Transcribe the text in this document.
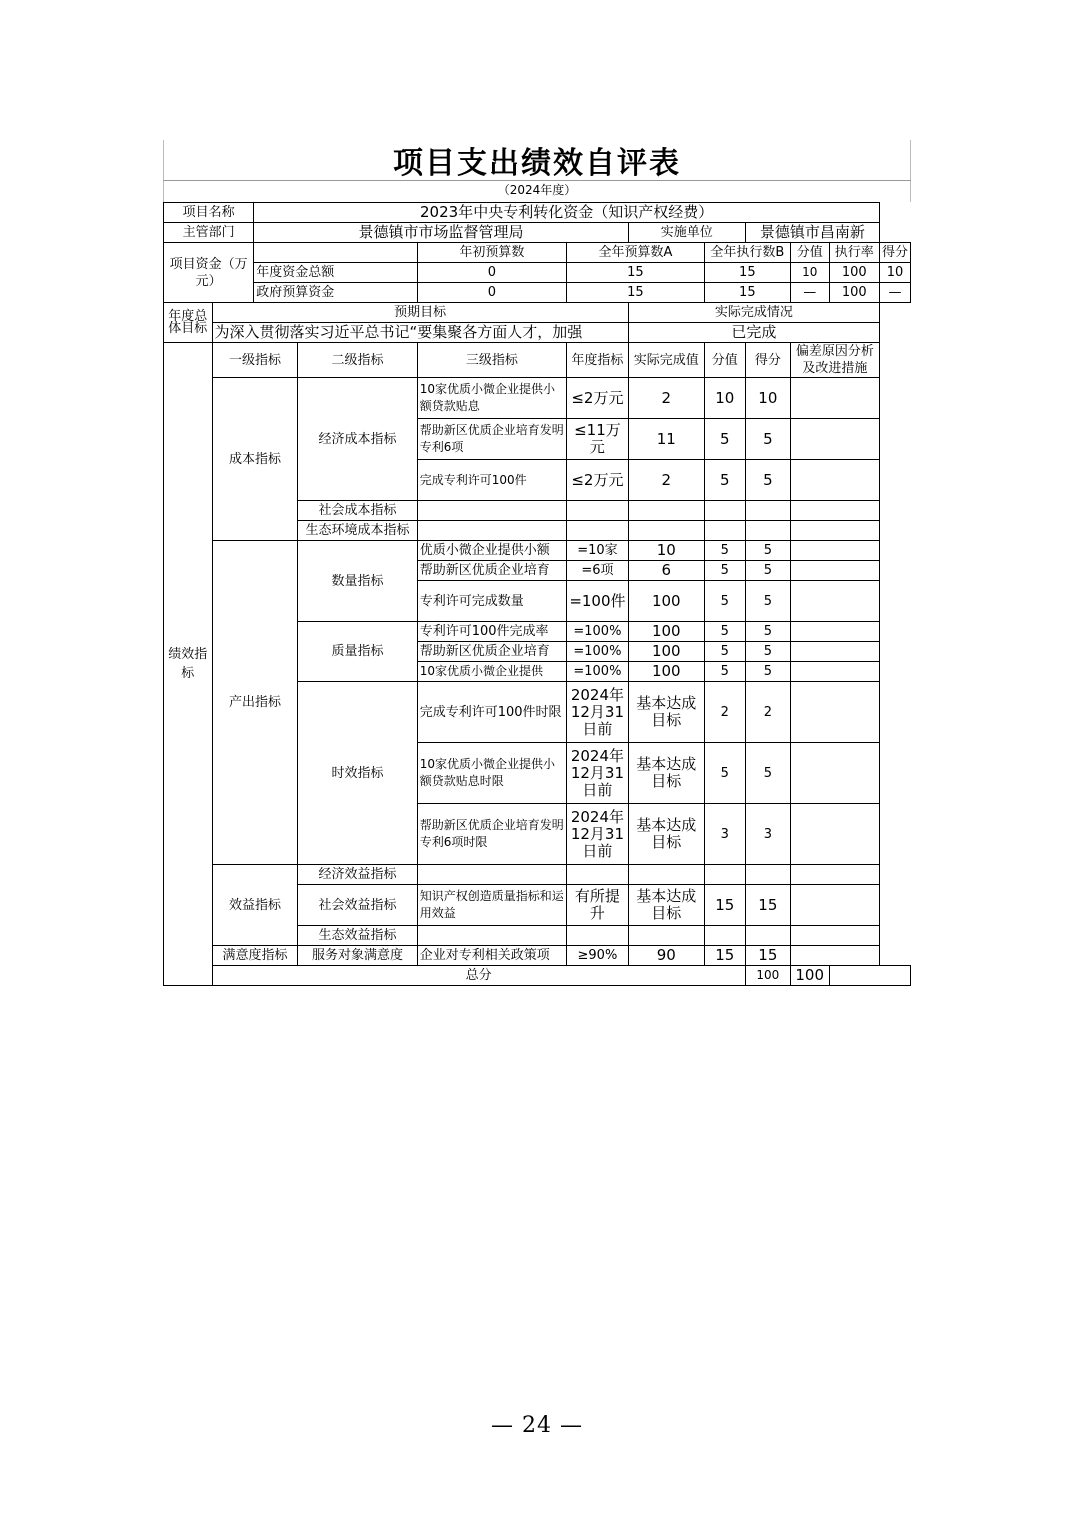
项目支出绩效自评表
（2024年度）
项目名称		2023年中央专利转化资金（知识产权经费）									
主管部门		景德镇市市场监督管理局				实施单位		景德镇市昌南新			
项目资金（万元）				年初预算数	全年预算数A		全年执行数B		分值	执行率	得分
		年度资金总额		0	15		15		10	100	10
		政府预算资金		0	15		15		—	100	—
年度总体目标	预期目标					实际完成情况					
	为深入贯彻落实习近平总书记“要集聚各方面人才，加强					已完成					
绩效指标	一级指标		二级指标	三级指标	年度指标	实际完成值	分值	得分	偏差原因分析及改进措施		
	成本指标		经济成本指标	10家优质小微企业提供小额贷款贴息	≤2万元	2	10	10			
				帮助新区优质企业培育发明专利6项	≤11万元	11	5	5			
				完成专利许可100件	≤2万元	2	5	5			
			社会成本指标								
			生态环境成本指标								
	产出指标		数量指标	优质小微企业提供小额	=10家	10	5	5			
				帮助新区优质企业培育	=6项	6	5	5			
				专利许可完成数量	=100件	100	5	5			
			质量指标	专利许可100件完成率	=100%	100	5	5			
				帮助新区优质企业培育	=100%	100	5	5			
				10家优质小微企业提供	=100%	100	5	5			
			时效指标	完成专利许可100件时限	2024年12月31日前	基本达成目标	2	2			
				10家优质小微企业提供小额贷款贴息时限	2024年12月31日前	基本达成目标	5	5			
				帮助新区优质企业培育发明专利6项时限	2024年12月31日前	基本达成目标	3	3			
	效益指标		经济效益指标								
			社会效益指标	知识产权创造质量指标和运用效益	有所提升	基本达成目标	15	15			
			生态效益指标								
	满意度指标		服务对象满意度	企业对专利相关政策项	≥90%	90	15	15			
	总分							100	100		
— 24 —
